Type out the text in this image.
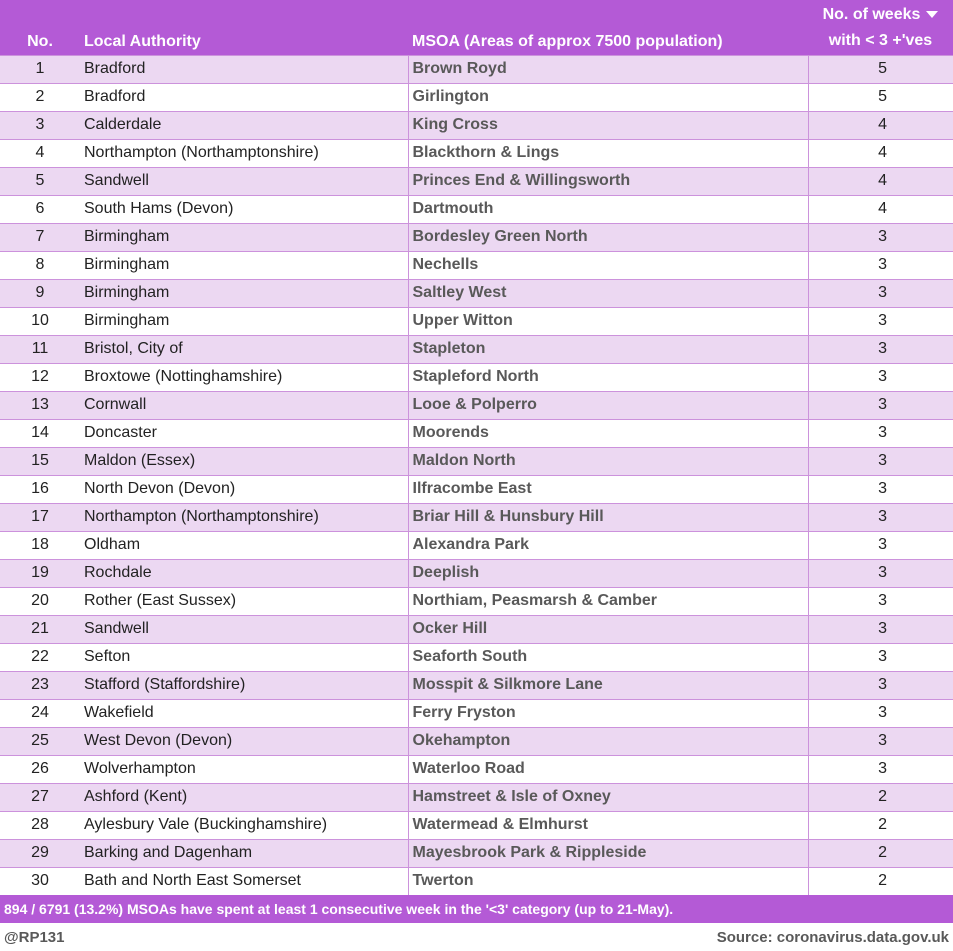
No.	Local Authority	MSOA (Areas of approx 7500 population)	No. of weeks
with < 3 +'ves

1	Bradford	Brown Royd	5
2	Bradford	Girlington	5
3	Calderdale	King Cross	4
4	Northampton (Northamptonshire)	Blackthorn & Lings	4
5	Sandwell	Princes End & Willingsworth	4
6	South Hams (Devon)	Dartmouth	4
7	Birmingham	Bordesley Green North	3
8	Birmingham	Nechells	3
9	Birmingham	Saltley West	3
10	Birmingham	Upper Witton	3
11	Bristol, City of	Stapleton	3
12	Broxtowe (Nottinghamshire)	Stapleford North	3
13	Cornwall	Looe & Polperro	3
14	Doncaster	Moorends	3
15	Maldon (Essex)	Maldon North	3
16	North Devon (Devon)	Ilfracombe East	3
17	Northampton (Northamptonshire)	Briar Hill & Hunsbury Hill	3
18	Oldham	Alexandra Park	3
19	Rochdale	Deeplish	3
20	Rother (East Sussex)	Northiam, Peasmarsh & Camber	3
21	Sandwell	Ocker Hill	3
22	Sefton	Seaforth South	3
23	Stafford (Staffordshire)	Mosspit & Silkmore Lane	3
24	Wakefield	Ferry Fryston	3
25	West Devon (Devon)	Okehampton	3
26	Wolverhampton	Waterloo Road	3
27	Ashford (Kent)	Hamstreet & Isle of Oxney	2
28	Aylesbury Vale (Buckinghamshire)	Watermead & Elmhurst	2
29	Barking and Dagenham	Mayesbrook Park & Rippleside	2
30	Bath and North East Somerset	Twerton	2
894 / 6791 (13.2%) MSOAs have spent at least 1 consecutive week in the '<3' category (up to 21-May).
@RP131	Source: coronavirus.data.gov.uk
